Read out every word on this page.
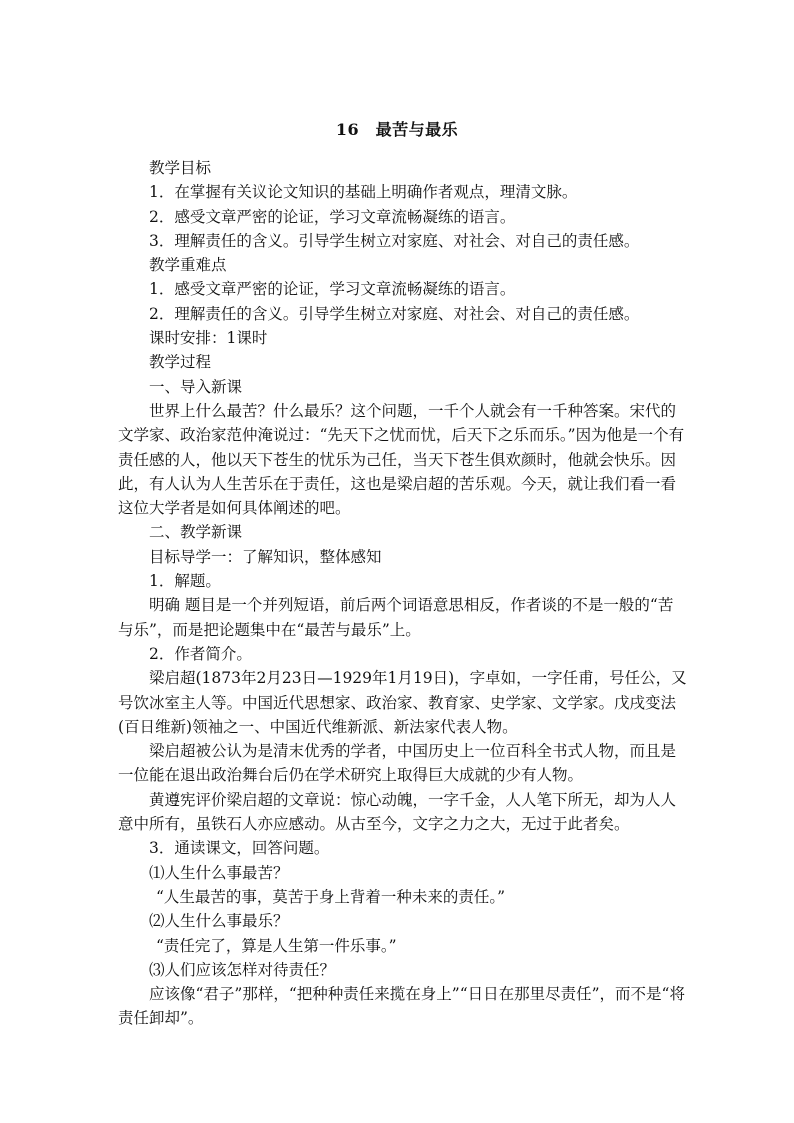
16　最苦与最乐

教学目标

1．在掌握有关议论文知识的基础上明确作者观点，理清文脉。

2．感受文章严密的论证，学习文章流畅凝练的语言。

3．理解责任的含义。引导学生树立对家庭、对社会、对自己的责任感。

教学重难点

1．感受文章严密的论证，学习文章流畅凝练的语言。

2．理解责任的含义。引导学生树立对家庭、对社会、对自己的责任感。

课时安排：1课时

教学过程

一、导入新课

世界上什么最苦？什么最乐？这个问题，一千个人就会有一千种答案。宋代的文学家、政治家范仲淹说过：“先天下之忧而忧，后天下之乐而乐。”因为他是一个有责任感的人，他以天下苍生的忧乐为己任，当天下苍生俱欢颜时，他就会快乐。因此，有人认为人生苦乐在于责任，这也是梁启超的苦乐观。今天，就让我们看一看这位大学者是如何具体阐述的吧。

二、教学新课

目标导学一：了解知识，整体感知

1．解题。

明确 题目是一个并列短语，前后两个词语意思相反，作者谈的不是一般的“苦与乐”，而是把论题集中在“最苦与最乐”上。

2．作者简介。

梁启超(1873年2月23日—1929年1月19日)，字卓如，一字任甫，号任公，又号饮冰室主人等。中国近代思想家、政治家、教育家、史学家、文学家。戊戌变法(百日维新)领袖之一、中国近代维新派、新法家代表人物。

梁启超被公认为是清末优秀的学者，中国历史上一位百科全书式人物，而且是一位能在退出政治舞台后仍在学术研究上取得巨大成就的少有人物。

黄遵宪评价梁启超的文章说：惊心动魄，一字千金，人人笔下所无，却为人人意中所有，虽铁石人亦应感动。从古至今，文字之力之大，无过于此者矣。

3．通读课文，回答问题。

⑴人生什么事最苦？

“人生最苦的事，莫苦于身上背着一种未来的责任。”

⑵人生什么事最乐？

“责任完了，算是人生第一件乐事。”

⑶人们应该怎样对待责任？

应该像“君子”那样，“把种种责任来揽在身上”“日日在那里尽责任”，而不是“将责任卸却”。
